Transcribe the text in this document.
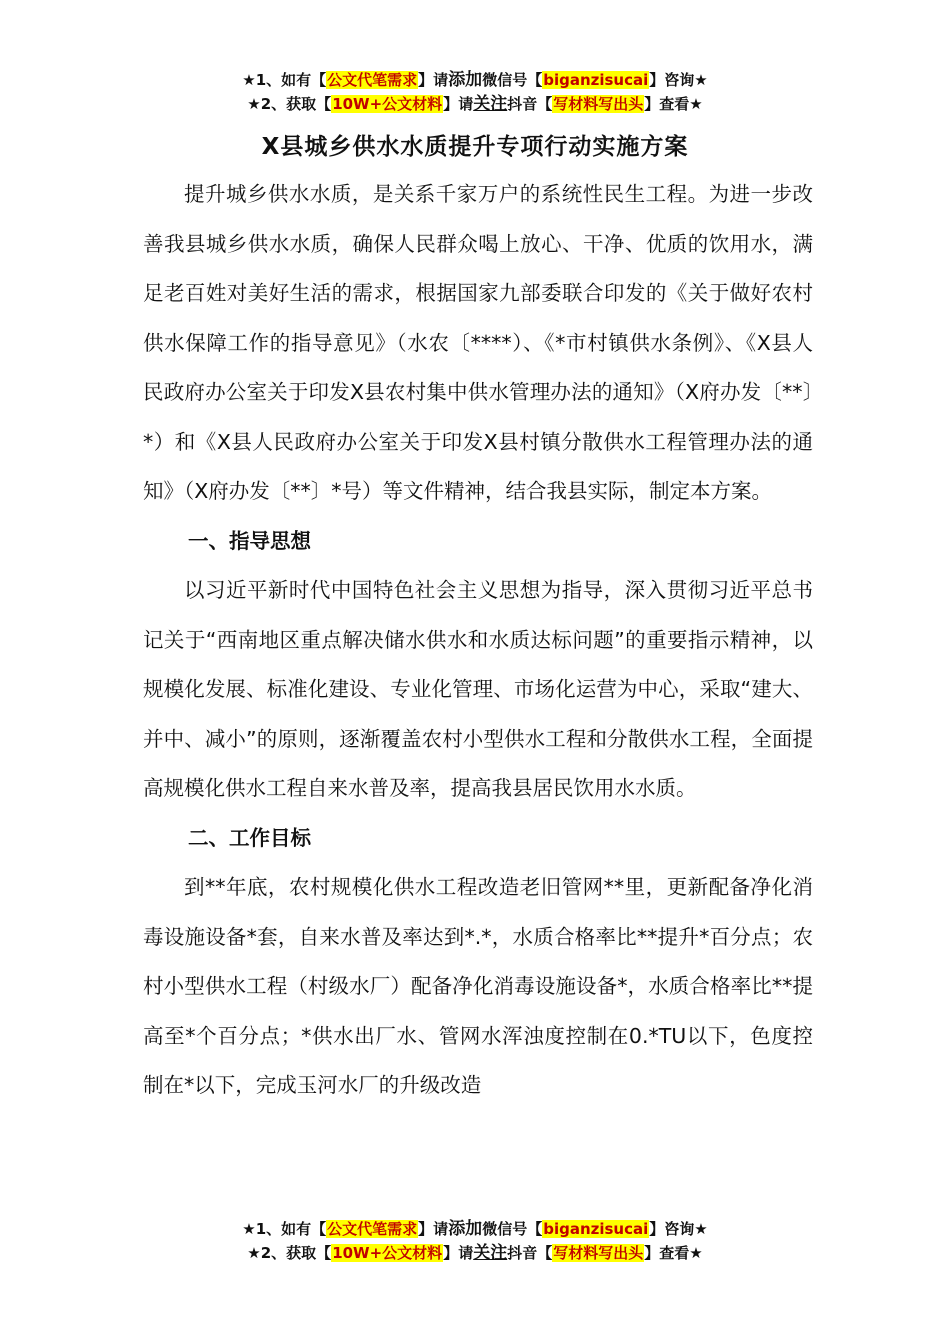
★1、如有【公文代笔需求】请添加微信号【biganzisucai】咨询★
★2、获取【10W+公文材料】请关注抖音【写材料写出头】查看★
X县城乡供水水质提升专项行动实施方案

提升城乡供水水质，是关系千家万户的系统性民生工程。为进一步改善我县城乡供水水质，确保人民群众喝上放心、干净、优质的饮用水，满足老百姓对美好生活的需求，根据国家九部委联合印发的《关于做好农村供水保障工作的指导意见》（水农〔****）、《*市村镇供水条例》、《X县人民政府办公室关于印发X县农村集中供水管理办法的通知》（X府办发〔**〕*）和《X县人民政府办公室关于印发X县村镇分散供水工程管理办法的通知》（X府办发〔**〕*号）等文件精神，结合我县实际，制定本方案。

一、指导思想

以习近平新时代中国特色社会主义思想为指导，深入贯彻习近平总书记关于“西南地区重点解决储水供水和水质达标问题”的重要指示精神，以规模化发展、标准化建设、专业化管理、市场化运营为中心，采取“建大、并中、减小”的原则，逐渐覆盖农村小型供水工程和分散供水工程，全面提高规模化供水工程自来水普及率，提高我县居民饮用水水质。

二、工作目标

到**年底，农村规模化供水工程改造老旧管网**里，更新配备净化消毒设施设备*套，自来水普及率达到*.*，水质合格率比**提升*百分点；农村小型供水工程（村级水厂）配备净化消毒设施设备*，水质合格率比**提高至*个百分点；*供水出厂水、管网水浑浊度控制在0.*TU以下，色度控制在*以下，完成玉河水厂的升级改造

★1、如有【公文代笔需求】请添加微信号【biganzisucai】咨询★
★2、获取【10W+公文材料】请关注抖音【写材料写出头】查看★
